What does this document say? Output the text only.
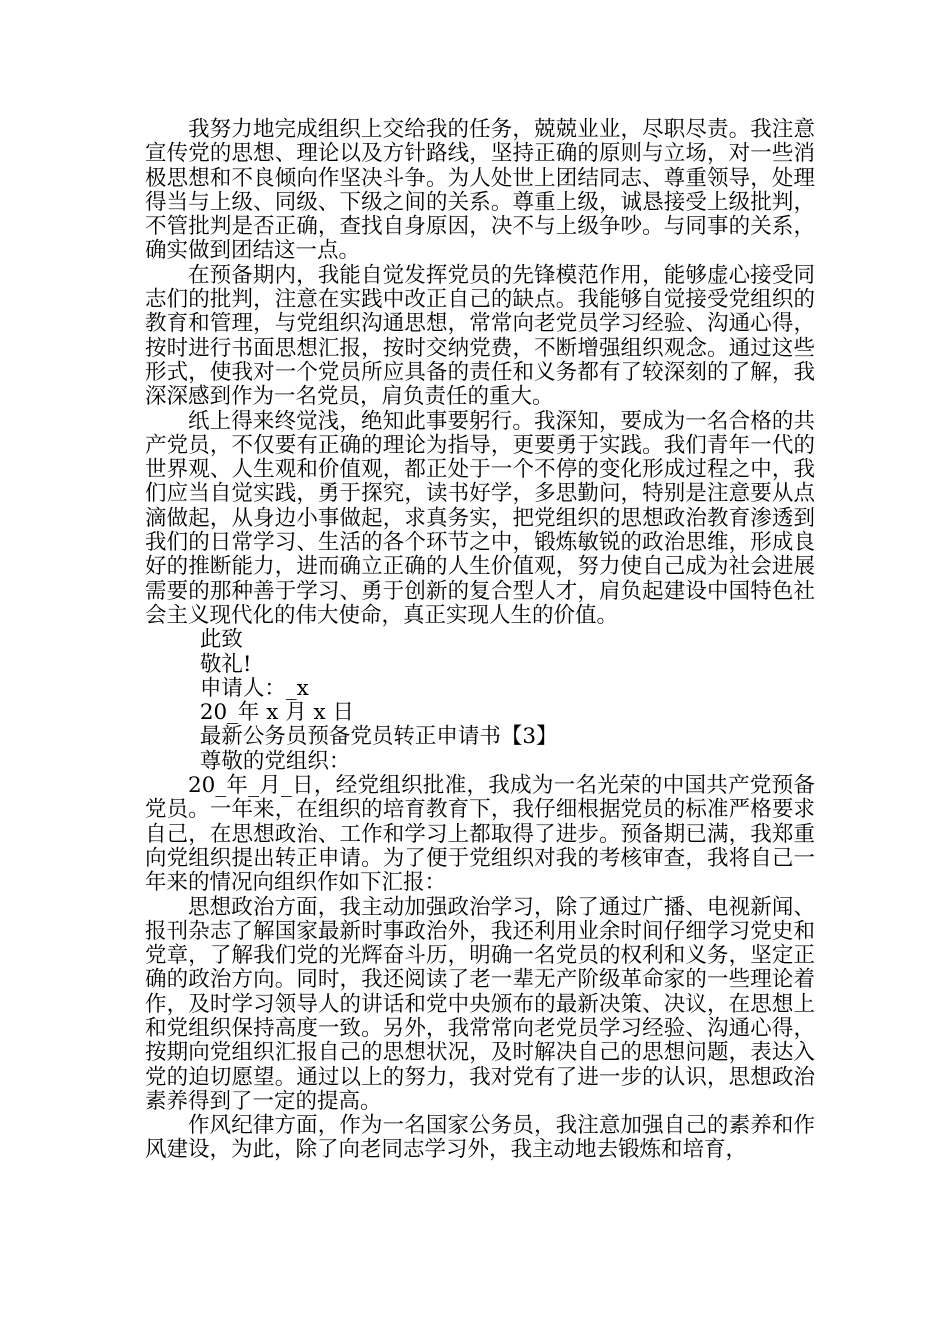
我努力地完成组织上交给我的任务，兢兢业业，尽职尽责。我注意宣传党的思想、理论以及方针路线，坚持正确的原则与立场，对一些消极思想和不良倾向作坚决斗争。为人处世上团结同志、尊重领导，处理得当与上级、同级、下级之间的关系。尊重上级，诚恳接受上级批判，不管批判是否正确，查找自身原因，决不与上级争吵。与同事的关系，确实做到团结这一点。

在预备期内，我能自觉发挥党员的先锋模范作用，能够虚心接受同志们的批判，注意在实践中改正自己的缺点。我能够自觉接受党组织的教育和管理，与党组织沟通思想，常常向老党员学习经验、沟通心得，按时进行书面思想汇报，按时交纳党费，不断增强组织观念。通过这些形式，使我对一个党员所应具备的责任和义务都有了较深刻的了解，我深深感到作为一名党员，肩负责任的重大。

纸上得来终觉浅，绝知此事要躬行。我深知，要成为一名合格的共产党员，不仅要有正确的理论为指导，更要勇于实践。我们青年一代的世界观、人生观和价值观，都正处于一个不停的变化形成过程之中，我们应当自觉实践，勇于探究，读书好学，多思勤问，特别是注意要从点滴做起，从身边小事做起，求真务实，把党组织的思想政治教育渗透到我们的日常学习、生活的各个环节之中，锻炼敏锐的政治思维，形成良好的推断能力，进而确立正确的人生价值观，努力使自己成为社会进展需要的那种善于学习、勇于创新的复合型人才，肩负起建设中国特色社会主义现代化的伟大使命，真正实现人生的价值。

此致

敬礼!

申请人：_x

20_年 x 月 x 日

最新公务员预备党员转正申请书【3】

尊敬的党组织：

20_年_月_日，经党组织批准，我成为一名光荣的中国共产党预备党员。一年来，在组织的培育教育下，我仔细根据党员的标准严格要求自己，在思想政治、工作和学习上都取得了进步。预备期已满，我郑重向党组织提出转正申请。为了便于党组织对我的考核审查，我将自己一年来的情况向组织作如下汇报：

思想政治方面，我主动加强政治学习，除了通过广播、电视新闻、报刊杂志了解国家最新时事政治外，我还利用业余时间仔细学习党史和党章，了解我们党的光辉奋斗历，明确一名党员的权利和义务，坚定正确的政治方向。同时，我还阅读了老一辈无产阶级革命家的一些理论着作，及时学习领导人的讲话和党中央颁布的最新决策、决议，在思想上和党组织保持高度一致。另外，我常常向老党员学习经验、沟通心得，按期向党组织汇报自己的思想状况，及时解决自己的思想问题，表达入党的迫切愿望。通过以上的努力，我对党有了进一步的认识，思想政治素养得到了一定的提高。

作风纪律方面，作为一名国家公务员，我注意加强自己的素养和作风建设，为此，除了向老同志学习外，我主动地去锻炼和培育，
